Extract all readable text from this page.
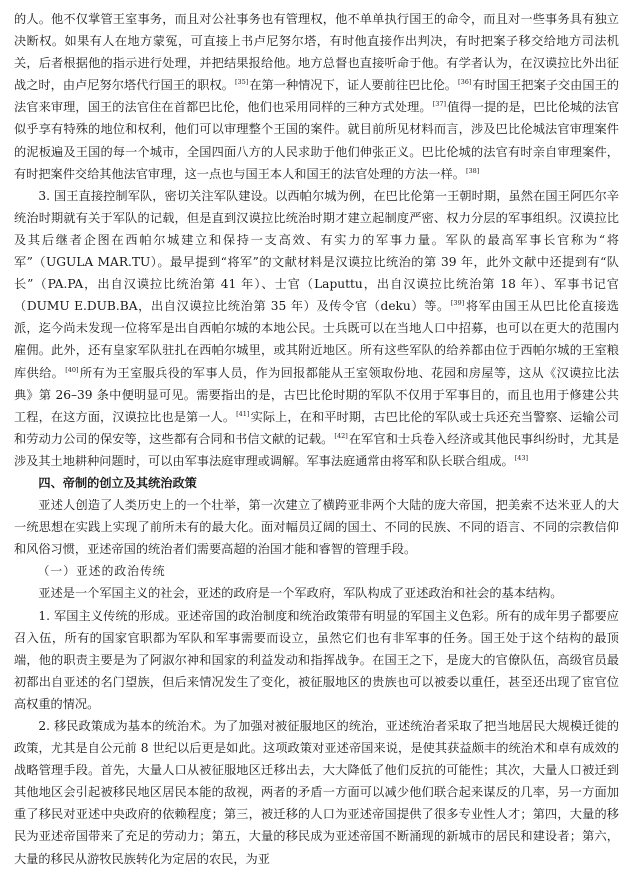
的人。他不仅掌管王室事务，而且对公社事务也有管理权，他不单单执行国王的命令，而且对一些事务具有独立决断权。如果有人在地方蒙冤，可直接上书卢尼努尔塔，有时他直接作出判决，有时把案子移交给地方司法机关，后者根据他的指示进行处理，并把结果报给他。地方总督也直接听命于他。有学者认为，在汉谟拉比外出征战之时，由卢尼努尔塔代行国王的职权。[35]在第一种情况下，证人要前往巴比伦。[36]有时国王把案子交由国王的法官来审理，国王的法官住在首都巴比伦，他们也采用同样的三种方式处理。[37]值得一提的是，巴比伦城的法官似乎享有特殊的地位和权利，他们可以审理整个王国的案件。就目前所见材料而言，涉及巴比伦城法官审理案件的泥板遍及王国的每一个城市，全国四面八方的人民求助于他们伸张正义。巴比伦城的法官有时亲自审理案件，有时把案件交给其他法官审理，这一点也与国王本人和国王的法官处理的方法一样。[38]

3. 国王直接控制军队，密切关注军队建设。以西帕尔城为例，在巴比伦第一王朝时期，虽然在国王阿匹尔辛统治时期就有关于军队的记载，但是直到汉谟拉比统治时期才建立起制度严密、权力分层的军事组织。汉谟拉比及其后继者企图在西帕尔城建立和保持一支高效、有实力的军事力量。军队的最高军事长官称为“将军”（UGULA MAR.TU）。最早提到“将军”的文献材料是汉谟拉比统治的第 39 年，此外文献中还提到有“队长”（PA.PA，出自汉谟拉比统治第 41 年）、士官（Laputtu，出自汉谟拉比统治第 18 年）、军事书记官（DUMU E.DUB.BA，出自汉谟拉比统治第 35 年）及传令官（deku）等。[39]将军由国王从巴比伦直接选派，迄今尚未发现一位将军是出自西帕尔城的本地公民。士兵既可以在当地人口中招募，也可以在更大的范围内雇佣。此外，还有皇家军队驻扎在西帕尔城里，或其附近地区。所有这些军队的给养都由位于西帕尔城的王室粮库供给。[40]所有为王室服兵役的军事人员，作为回报都能从王室领取份地、花园和房屋等，这从《汉谟拉比法典》第 26–39 条中便明显可见。需要指出的是，古巴比伦时期的军队不仅用于军事目的，而且也用于修建公共工程，在这方面，汉谟拉比也是第一人。[41]实际上，在和平时期，古巴比伦的军队或士兵还充当警察、运输公司和劳动力公司的保安等，这些都有合同和书信文献的记载。[42]在军官和士兵卷入经济或其他民事纠纷时，尤其是涉及其土地耕种问题时，可以由军事法庭审理或调解。军事法庭通常由将军和队长联合组成。[43]

四、帝制的创立及其统治政策

亚述人创造了人类历史上的一个壮举，第一次建立了横跨亚非两个大陆的庞大帝国，把美索不达米亚人的大一统思想在实践上实现了前所未有的最大化。面对幅员辽阔的国土、不同的民族、不同的语言、不同的宗教信仰和风俗习惯，亚述帝国的统治者们需要高超的治国才能和睿智的管理手段。

（一）亚述的政治传统

亚述是一个军国主义的社会，亚述的政府是一个军政府，军队构成了亚述政治和社会的基本结构。

1. 军国主义传统的形成。亚述帝国的政治制度和统治政策带有明显的军国主义色彩。所有的成年男子都要应召入伍，所有的国家官职都为军队和军事需要而设立，虽然它们也有非军事的任务。国王处于这个结构的最顶端，他的职责主要是为了阿淑尔神和国家的利益发动和指挥战争。在国王之下，是庞大的官僚队伍，高级官员最初都出自亚述的名门望族，但后来情况发生了变化，被征服地区的贵族也可以被委以重任，甚至还出现了宦官位高权重的情况。

2. 移民政策成为基本的统治术。为了加强对被征服地区的统治，亚述统治者采取了把当地居民大规模迁徙的政策，尤其是自公元前 8 世纪以后更是如此。这项政策对亚述帝国来说，是使其获益颇丰的统治术和卓有成效的战略管理手段。首先，大量人口从被征服地区迁移出去，大大降低了他们反抗的可能性；其次，大量人口被迁到其他地区会引起被移民地区居民本能的敌视，两者的矛盾一方面可以减少他们联合起来谋反的几率，另一方面加重了移民对亚述中央政府的依赖程度；第三，被迁移的人口为亚述帝国提供了很多专业性人才；第四，大量的移民为亚述帝国带来了充足的劳动力；第五，大量的移民成为亚述帝国不断涌现的新城市的居民和建设者；第六，大量的移民从游牧民族转化为定居的农民，为亚
